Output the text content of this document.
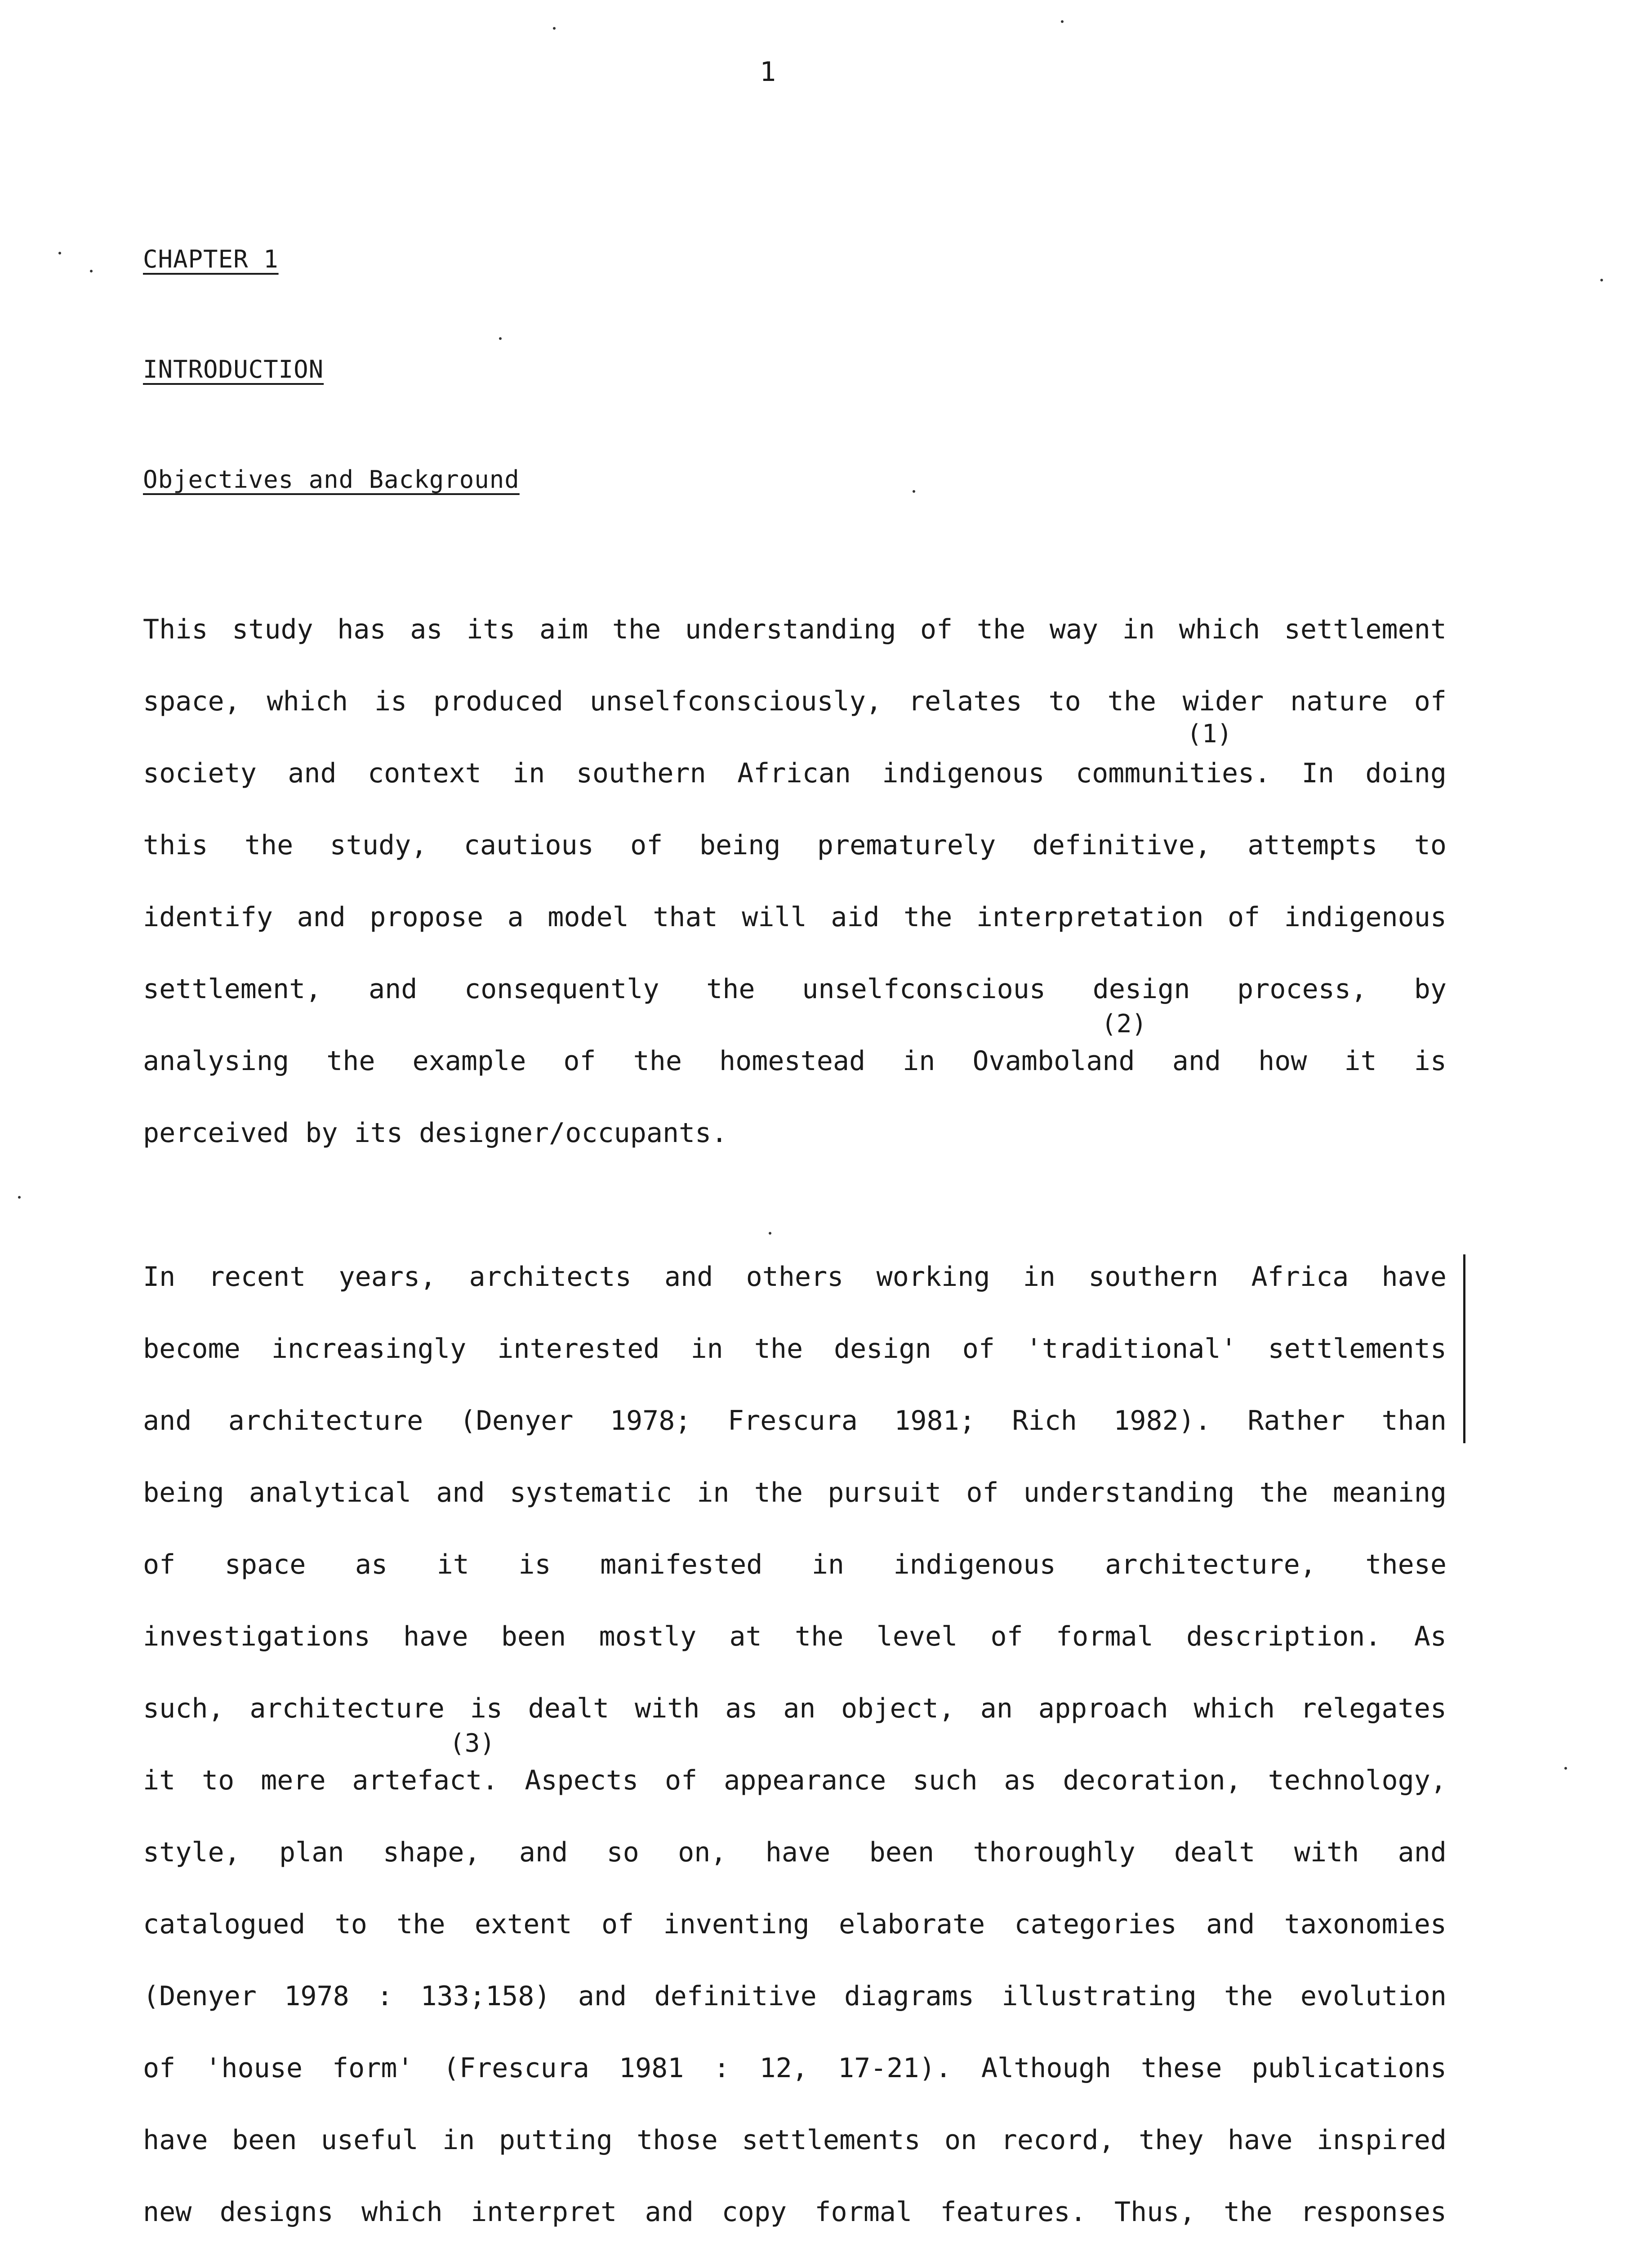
1
CHAPTER 1
INTRODUCTION
Objectives and Background
This study has as its aim the understanding of the way in which settlement
space, which is produced unselfconsciously, relates to the wider nature of
(1)
society and context in southern African indigenous communities. In doing
this the study, cautious of being prematurely definitive, attempts to
identify and propose a model that will aid the interpretation of indigenous
settlement, and consequently the unselfconscious design process, by
(2)
analysing the example of the homestead in Ovamboland and how it is
perceived by its designer/occupants.
In recent years, architects and others working in southern Africa have
become increasingly interested in the design of 'traditional' settlements
and architecture (Denyer 1978; Frescura 1981; Rich 1982). Rather than
being analytical and systematic in the pursuit of understanding the meaning
of space as it is manifested in indigenous architecture, these
investigations have been mostly at the level of formal description. As
such, architecture is dealt with as an object, an approach which relegates
(3)
it to mere artefact. Aspects of appearance such as decoration, technology,
style, plan shape, and so on, have been thoroughly dealt with and
catalogued to the extent of inventing elaborate categories and taxonomies
(Denyer 1978 : 133;158) and definitive diagrams illustrating the evolution
of 'house form' (Frescura 1981 : 12, 17-21). Although these publications
have been useful in putting those settlements on record, they have inspired
new designs which interpret and copy formal features. Thus, the responses
